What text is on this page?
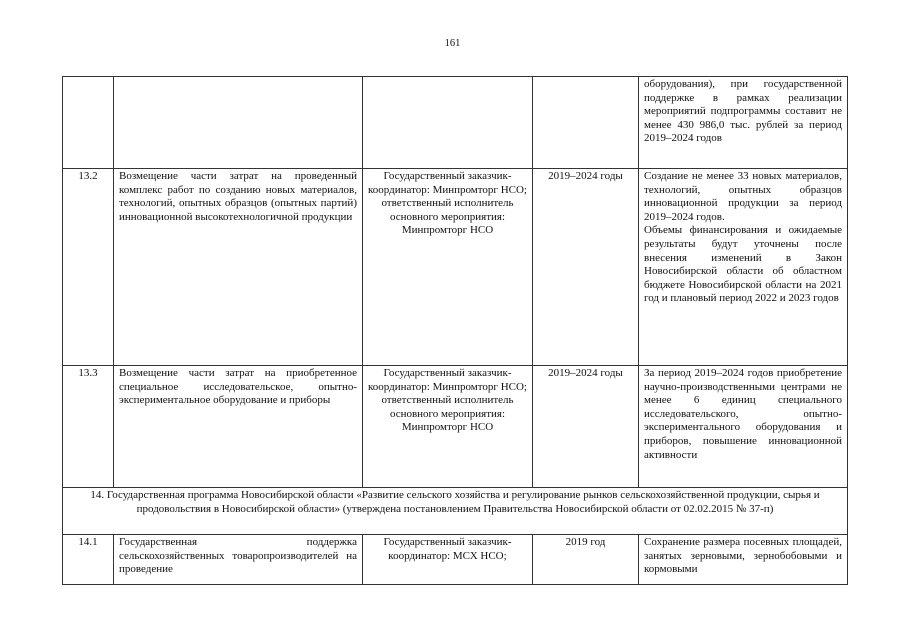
161
				оборудования), при государственной поддержке в рамках реализации мероприятий подпрограммы составит не менее 430 986,0 тыс. рублей за период 2019–2024 годов
13.2	Возмещение части затрат на проведенный комплекс работ по созданию новых материалов, технологий, опытных образцов (опытных партий) инновационной высокотехнологичной продукции	Государственный заказчик-координатор: Минпромторг НСО; ответственный исполнитель основного мероприятия: Минпромторг НСО	2019–2024 годы	Создание не менее 33 новых материалов, технологий, опытных образцов инновационной продукции за период 2019–2024 годов.
Объемы финансирования и ожидаемые результаты будут уточнены после внесения изменений в Закон Новосибирской области об областном бюджете Новосибирской области на 2021 год и плановый период 2022 и 2023 годов

13.3	Возмещение части затрат на приобретенное специальное исследовательское, опытно-экспериментальное оборудование и приборы	Государственный заказчик-координатор: Минпромторг НСО; ответственный исполнитель основного мероприятия: Минпромторг НСО	2019–2024 годы	За период 2019–2024 годов приобретение научно-производственными центрами не менее 6 единиц специального исследовательского, опытно-экспериментального оборудования и приборов, повышение инновационной активности
14. Государственная программа Новосибирской области «Развитие сельского хозяйства и регулирование рынков сельскохозяйственной продукции, сырья и продовольствия в Новосибирской области» (утверждена постановлением Правительства Новосибирской области от 02.02.2015 № 37-п)				
14.1	Государственная поддержка сельскохозяйственных товаропроизводителей на проведение	Государственный заказчик-координатор: МСХ НСО;	2019 год	Сохранение размера посевных площадей, занятых зерновыми, зернобобовыми и кормовыми
